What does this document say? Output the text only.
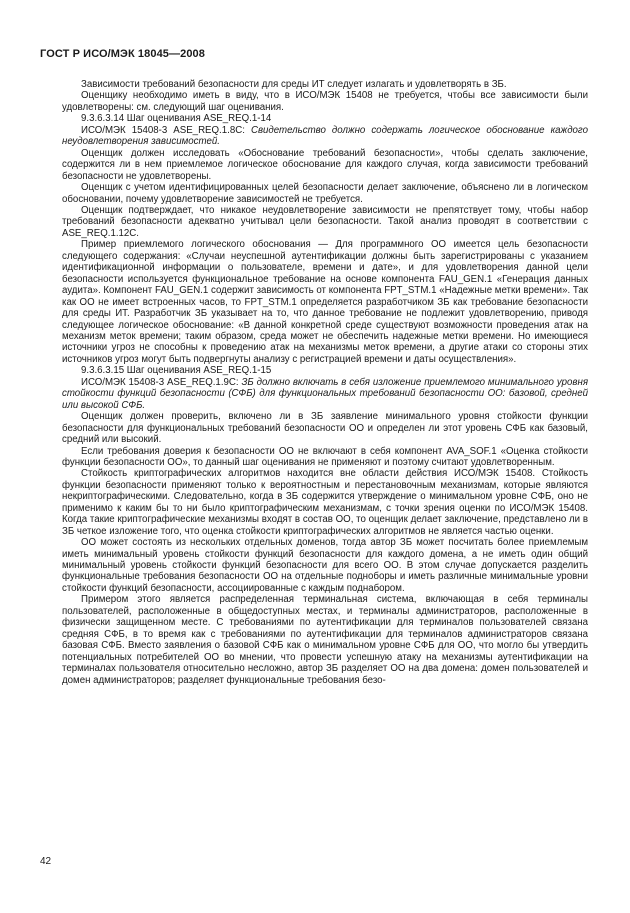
ГОСТ Р ИСО/МЭК 18045—2008

Зависимости требований безопасности для среды ИТ следует излагать и удовлетворять в ЗБ.

Оценщику необходимо иметь в виду, что в ИСО/МЭК 15408 не требуется, чтобы все зависимости были удовлетворены: см. следующий шаг оценивания.

9.3.6.3.14 Шаг оценивания ASE_REQ.1-14

ИСО/МЭК 15408-3 ASE_REQ.1.8С: Свидетельство должно содержать логическое обоснование каждого неудовлетворения зависимостей.

Оценщик должен исследовать «Обоснование требований безопасности», чтобы сделать заключение, содержится ли в нем приемлемое логическое обоснование для каждого случая, когда зависимости требований безопасности не удовлетворены.

Оценщик с учетом идентифицированных целей безопасности делает заключение, объяснено ли в логическом обосновании, почему удовлетворение зависимостей не требуется.

Оценщик подтверждает, что никакое неудовлетворение зависимости не препятствует тому, чтобы набор требований безопасности адекватно учитывал цели безопасности. Такой анализ проводят в соответствии с ASE_REQ.1.12С.

Пример приемлемого логического обоснования — Для программного ОО имеется цель безопасности следующего содержания: «Случаи неуспешной аутентификации должны быть зарегистрированы с указанием идентификационной информации о пользователе, времени и дате», и для удовлетворения данной цели безопасности используется функциональное требование на основе компонента FAU_GEN.1 «Генерация данных аудита». Компонент FAU_GEN.1 содержит зависимость от компонента FPT_STM.1 «Надежные метки времени». Так как ОО не имеет встроенных часов, то FPT_STM.1 определяется разработчиком ЗБ как требование безопасности для среды ИТ. Разработчик ЗБ указывает на то, что данное требование не подлежит удовлетворению, приводя следующее логическое обоснование: «В данной конкретной среде существуют возможности проведения атак на механизм меток времени; таким образом, среда может не обеспечить надежные метки времени. Но имеющиеся источники угроз не способны к проведению атак на механизмы меток времени, а другие атаки со стороны этих источников угроз могут быть подвергнуты анализу с регистрацией времени и даты осуществления».

9.3.6.3.15 Шаг оценивания ASE_REQ.1-15

ИСО/МЭК 15408-3 ASE_REQ.1.9С: ЗБ должно включать в себя изложение приемлемого минимального уровня стойкости функций безопасности (СФБ) для функциональных требований безопасности ОО: базовой, средней или высокой СФБ.

Оценщик должен проверить, включено ли в ЗБ заявление минимального уровня стойкости функции безопасности для функциональных требований безопасности ОО и определен ли этот уровень СФБ как базовый, средний или высокий.

Если требования доверия к безопасности ОО не включают в себя компонент AVA_SOF.1 «Оценка стойкости функции безопасности ОО», то данный шаг оценивания не применяют и поэтому считают удовлетворенным.

Стойкость криптографических алгоритмов находится вне области действия ИСО/МЭК 15408. Стойкость функции безопасности применяют только к вероятностным и перестановочным механизмам, которые являются некриптографическими. Следовательно, когда в ЗБ содержится утверждение о минимальном уровне СФБ, оно не применимо к каким бы то ни было криптографическим механизмам, с точки зрения оценки по ИСО/МЭК 15408. Когда такие криптографические механизмы входят в состав ОО, то оценщик делает заключение, представлено ли в ЗБ четкое изложение того, что оценка стойкости криптографических алгоритмов не является частью оценки.

ОО может состоять из нескольких отдельных доменов, тогда автор ЗБ может посчитать более приемлемым иметь минимальный уровень стойкости функций безопасности для каждого домена, а не иметь один общий минимальный уровень стойкости функций безопасности для всего ОО. В этом случае допускается разделить функциональные требования безопасности ОО на отдельные подноборы и иметь различные минимальные уровни стойкости функций безопасности, ассоциированные с каждым поднабором.

Примером этого является распределенная терминальная система, включающая в себя терминалы пользователей, расположенные в общедоступных местах, и терминалы администраторов, расположенные в физически защищенном месте. С требованиями по аутентификации для терминалов пользователей связана средняя СФБ, в то время как с требованиями по аутентификации для терминалов администраторов связана базовая СФБ. Вместо заявления о базовой СФБ как о минимальном уровне СФБ для ОО, что могло бы утвердить потенциальных потребителей ОО во мнении, что провести успешную атаку на механизмы аутентификации на терминалах пользователя относительно несложно, автор ЗБ разделяет ОО на два домена: домен пользователей и домен администраторов; разделяет функциональные требования безо-

42
